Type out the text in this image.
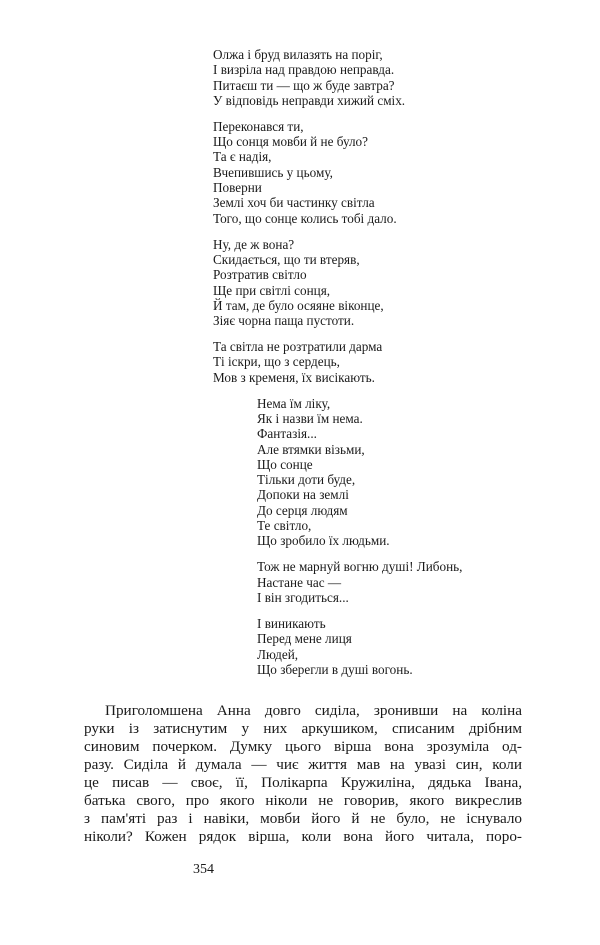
Олжа і бруд вилазять на поріг,
І визріла над правдою неправда.
Питаєш ти — що ж буде завтра?
У відповідь неправди хижий сміх.
Переконався ти,
Що сонця мовби й не було?
Та є надія,
Вчепившись у цьому,
Поверни
Землі хоч би частинку світла
Того, що сонце колись тобі дало.
Ну, де ж вона?
Скидається, що ти втеряв,
Розтратив світло
Ще при світлі сонця,
Й там, де було осяяне віконце,
Зіяє чорна паща пустоти.
Та світла не розтратили дарма
Ті іскри, що з сердець,
Мов з кременя, їх висікають.
Нема їм ліку,
Як і назви їм нема.
Фантазія...
Але втямки візьми,
Що сонце
Тільки доти буде,
Допоки на землі
До серця людям
Те світло,
Що зробило їх людьми.
Тож не марнуй вогню душі! Либонь,
Настане час —
І він згодиться...
І виникають
Перед мене лиця
Людей,
Що зберегли в душі вогонь.
Приголомшена Анна довго сиділа, зронивши на коліна
руки із затиснутим у них аркушиком, списаним дрібним
синовим почерком. Думку цього вірша вона зрозуміла од-
разу. Сиділа й думала — чиє життя мав на увазі син, коли
це писав — своє, її, Полікарпа Кружиліна, дядька Івана,
батька свого, про якого ніколи не говорив, якого викреслив
з пам'яті раз і навіки, мовби його й не було, не існувало
ніколи? Кожен рядок вірша, коли вона його читала, поро-
354
